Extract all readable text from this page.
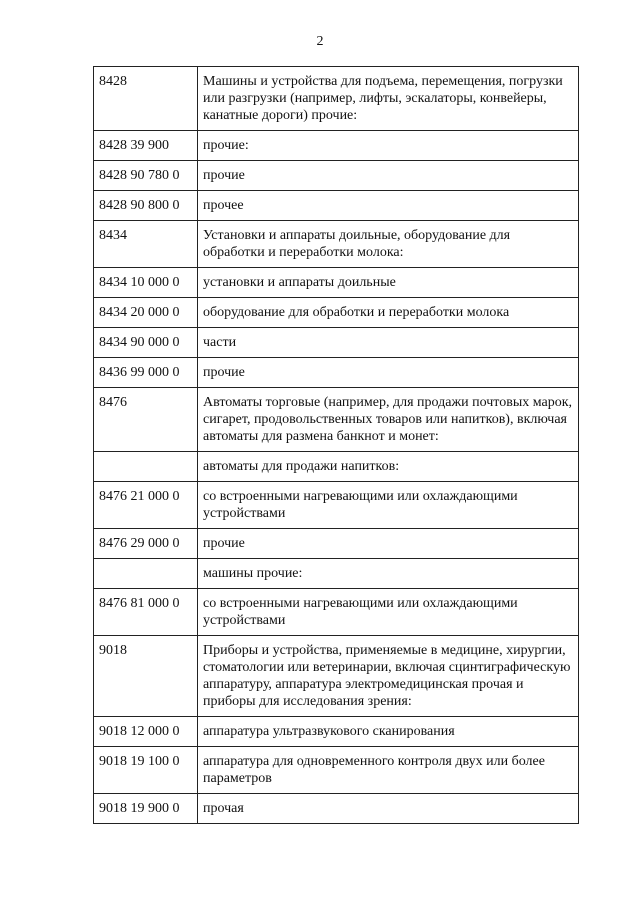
2
8428	Машины и устройства для подъема, перемещения, погрузки или разгрузки (например, лифты, эскалаторы, конвейеры, канатные дороги) прочие:
8428 39 900	прочие:
8428 90 780 0	прочие
8428 90 800 0	прочее
8434	Установки и аппараты доильные, оборудование для обработки и переработки молока:
8434 10 000 0	установки и аппараты доильные
8434 20 000 0	оборудование для обработки и переработки молока
8434 90 000 0	части
8436 99 000 0	прочие
8476	Автоматы торговые (например, для продажи почтовых марок, сигарет, продовольственных товаров или напитков), включая автоматы для размена банкнот и монет:
	автоматы для продажи напитков:
8476 21 000 0	со встроенными нагревающими или охлаждающими устройствами
8476 29 000 0	прочие
	машины прочие:
8476 81 000 0	со встроенными нагревающими или охлаждающими устройствами
9018	Приборы и устройства, применяемые в медицине, хирургии, стоматологии или ветеринарии, включая сцинтиграфическую аппаратуру, аппаратура электромедицинская прочая и приборы для исследования зрения:
9018 12 000 0	аппаратура ультразвукового сканирования
9018 19 100 0	аппаратура для одновременного контроля двух или более параметров
9018 19 900 0	прочая
